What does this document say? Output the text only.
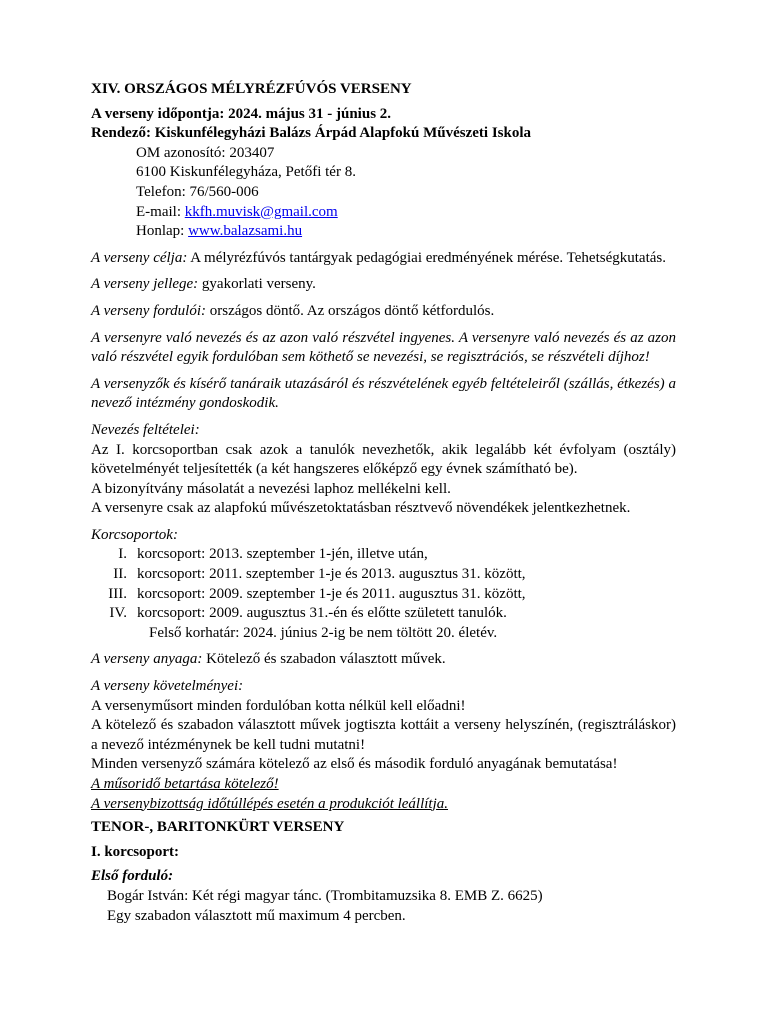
XIV. ORSZÁGOS MÉLYRÉZFÚVÓS VERSENY
A verseny időpontja: 2024. május 31 - június 2.
Rendező: Kiskunfélegyházi Balázs Árpád Alapfokú Művészeti Iskola
OM azonosító: 203407
6100 Kiskunfélegyháza, Petőfi tér 8.
Telefon: 76/560-006
E-mail: kkfh.muvisk@gmail.com
Honlap: www.balazsami.hu
A verseny célja: A mélyrézfúvós tantárgyak pedagógiai eredményének mérése. Tehetségkutatás.
A verseny jellege: gyakorlati verseny.
A verseny fordulói: országos döntő. Az országos döntő kétfordulós.
A versenyre való nevezés és az azon való részvétel ingyenes. A versenyre való nevezés és az azon való részvétel egyik fordulóban sem köthető se nevezési, se regisztrációs, se részvételi díjhoz!
A versenyzők és kísérő tanáraik utazásáról és részvételének egyéb feltételeiről (szállás, étkezés) a nevező intézmény gondoskodik.
Nevezés feltételei:
Az I. korcsoportban csak azok a tanulók nevezhetők, akik legalább két évfolyam (osztály) követelményét teljesítették (a két hangszeres előképző egy évnek számítható be).
A bizonyítvány másolatát a nevezési laphoz mellékelni kell.
A versenyre csak az alapfokú művészetoktatásban résztvevő növendékek jelentkezhetnek.
Korcsoportok:
I. korcsoport: 2013. szeptember 1-jén, illetve után,
II. korcsoport: 2011. szeptember 1-je és 2013. augusztus 31. között,
III. korcsoport: 2009. szeptember 1-je és 2011. augusztus 31. között,
IV. korcsoport: 2009. augusztus 31.-én és előtte született tanulók.
Felső korhatár: 2024. június 2-ig be nem töltött 20. életév.
A verseny anyaga: Kötelező és szabadon választott művek.
A verseny követelményei:
A versenyműsort minden fordulóban kotta nélkül kell előadni!
A kötelező és szabadon választott művek jogtiszta kottáit a verseny helyszínén, (regisztráláskor) a nevező intézménynek be kell tudni mutatni!
Minden versenyző számára kötelező az első és második forduló anyagának bemutatása!
A műsoridő betartása kötelező!
A versenybizottság időtúllépés esetén a produkciót leállítja.
TENOR-, BARITONKÜRT VERSENY
I. korcsoport:
Első forduló:
Bogár István: Két régi magyar tánc. (Trombitamuzsika 8. EMB Z. 6625)
Egy szabadon választott mű maximum 4 percben.
